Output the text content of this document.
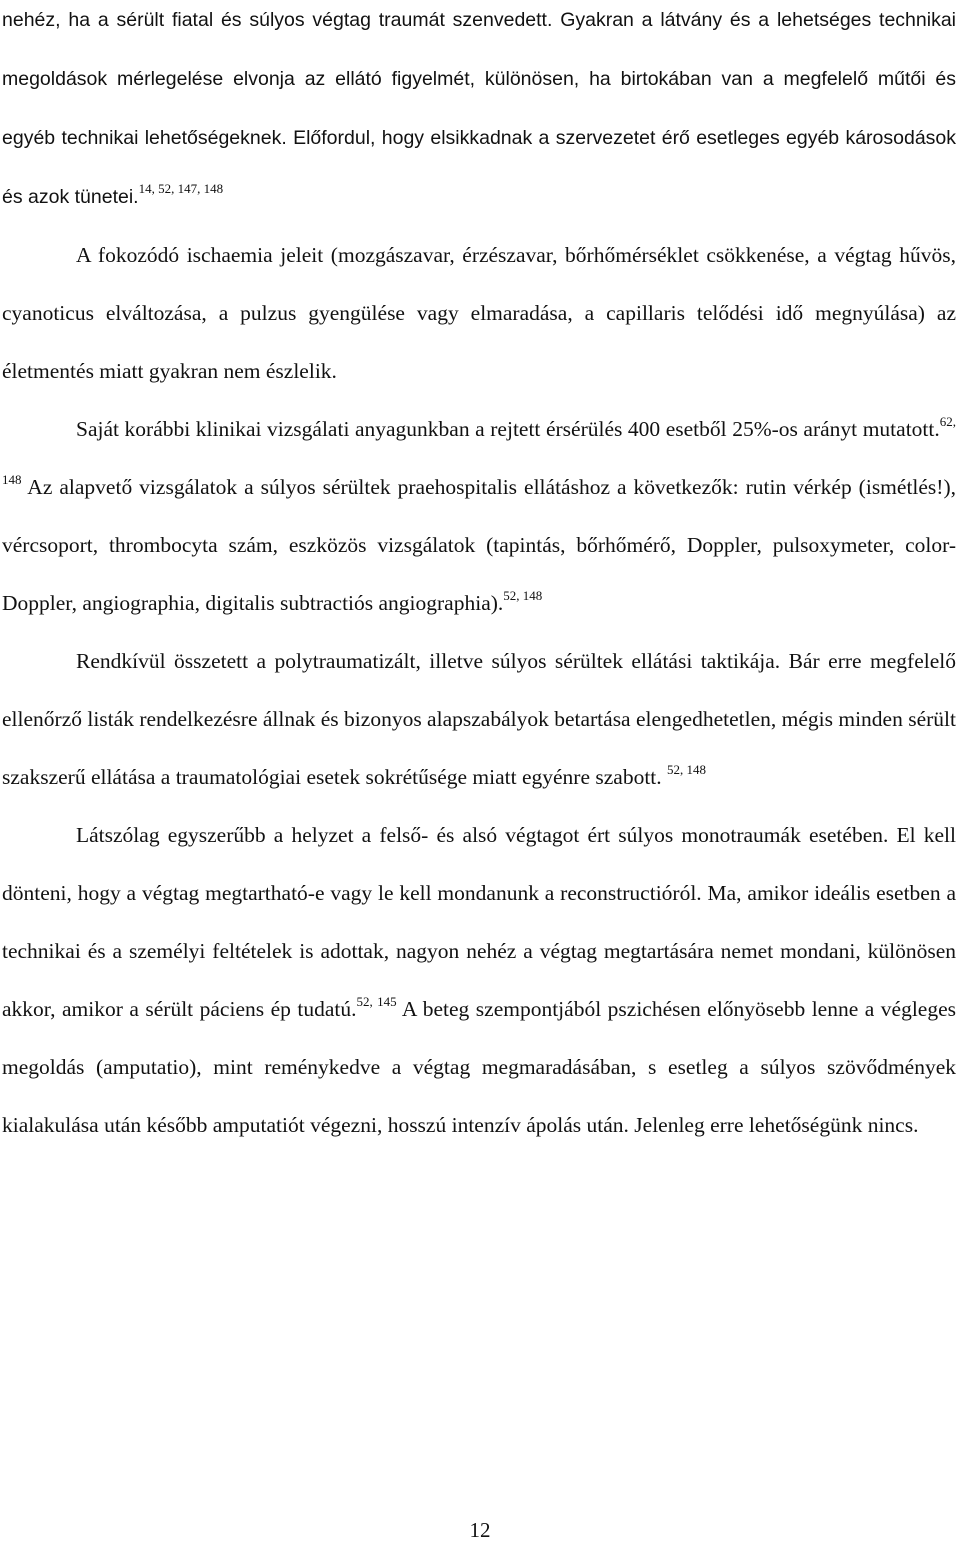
nehéz, ha a sérült fiatal és súlyos végtag traumát szenvedett. Gyakran a látvány és a lehetséges technikai megoldások mérlegelése elvonja az ellátó figyelmét, különösen, ha birtokában van a megfelelő műtői és egyéb technikai lehetőségeknek. Előfordul, hogy elsikkadnak a szervezetet érő esetleges egyéb károsodások és azok tünetei.$^{14, 52, 147, 148}$

A fokozódó ischaemia jeleit (mozgászavar, érzészavar, bőrhőmérséklet csökkenése, a végtag hűvös, cyanoticus elváltozása, a pulzus gyengülése vagy elmaradása, a capillaris telődési idő megnyúlása) az életmentés miatt gyakran nem észlelik.

Saját korábbi klinikai vizsgálati anyagunkban a rejtett érsérülés 400 esetből 25%-os arányt mutatott.$^{62, 148}$ Az alapvető vizsgálatok a súlyos sérültek praehospitalis ellátáshoz a következők: rutin vérkép (ismétlés!), vércsoport, thrombocyta szám, eszközös vizsgálatok (tapintás, bőrhőmérő, Doppler, pulsoxymeter, color-Doppler, angiographia, digitalis subtractiós angiographia).$^{52, 148}$

Rendkívül összetett a polytraumatizált, illetve súlyos sérültek ellátási taktikája. Bár erre megfelelő ellenőrző listák rendelkezésre állnak és bizonyos alapszabályok betartása elengedhetetlen, mégis minden sérült szakszerű ellátása a traumatológiai esetek sokrétűsége miatt egyénre szabott. $^{52, 148}$

Látszólag egyszerűbb a helyzet a felső- és alsó végtagot ért súlyos monotraumák esetében. El kell dönteni, hogy a végtag megtartható-e vagy le kell mondanunk a reconstructióról. Ma, amikor ideális esetben a technikai és a személyi feltételek is adottak, nagyon nehéz a végtag megtartására nemet mondani, különösen akkor, amikor a sérült páciens ép tudatú.$^{52, 145}$ A beteg szempontjából pszichésen előnyösebb lenne a végleges megoldás (amputatio), mint reménykedve a végtag megmaradásában, s esetleg a súlyos szövődmények kialakulása után később amputatiót végezni, hosszú intenzív ápolás után. Jelenleg erre lehetőségünk nincs.

12
